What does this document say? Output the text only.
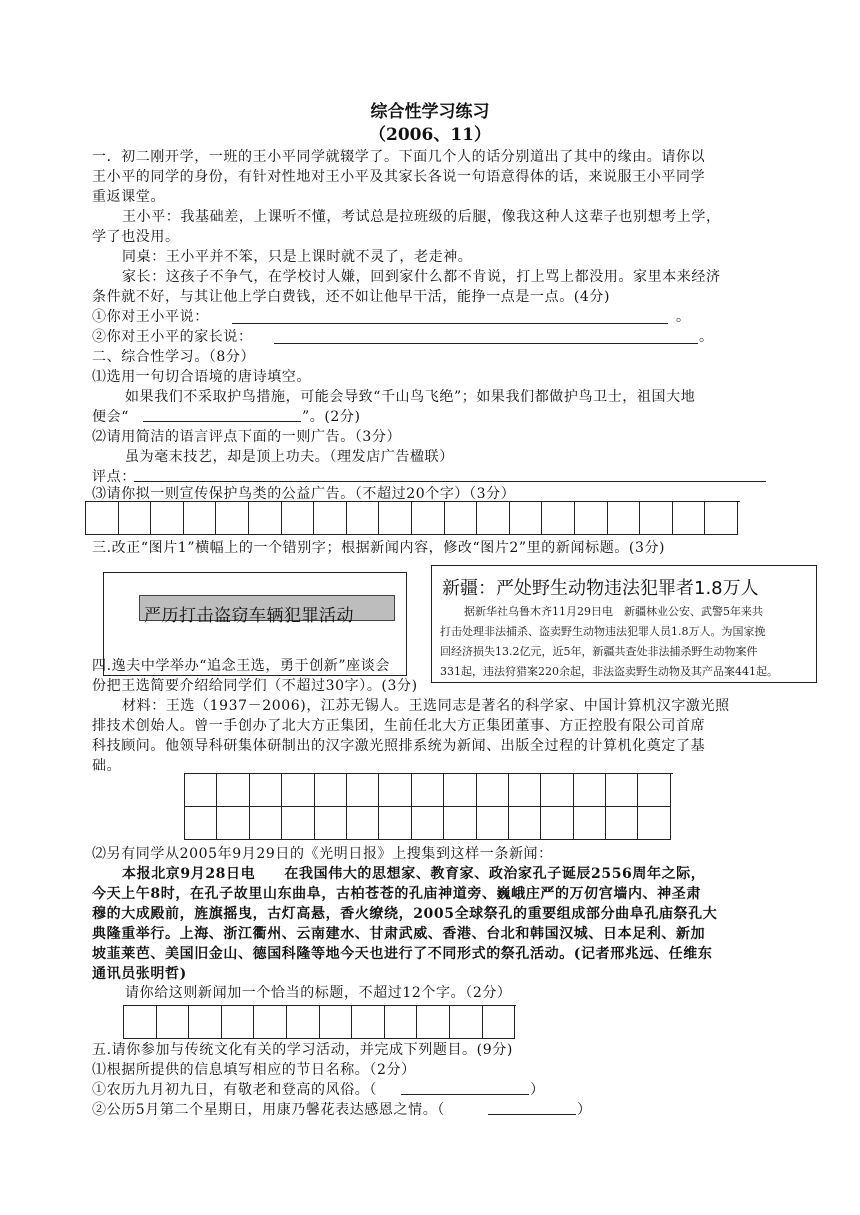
综合性学习练习
（2006、11）
一．初二刚开学，一班的王小平同学就辍学了。下面几个人的话分别道出了其中的缘由。请你以
王小平的同学的身份，有针对性地对王小平及其家长各说一句语意得体的话，来说服王小平同学
重返课堂。
王小平：我基础差，上课听不懂，考试总是拉班级的后腿，像我这种人这辈子也别想考上学，
学了也没用。
同桌：王小平并不笨，只是上课时就不灵了，老走神。
家长：这孩子不争气，在学校讨人嫌，回到家什么都不肯说，打上骂上都没用。家里本来经济
条件就不好，与其让他上学白费钱，还不如让他早干活，能挣一点是一点。(4分)
①你对王小平说：	。
②你对王小平的家长说：	。
二、综合性学习。（8分）
⑴选用一句切合语境的唐诗填空。
如果我们不采取护鸟措施，可能会导致“千山鸟飞绝”；如果我们都做护鸟卫士，祖国大地
便会“	”。(2分)
⑵请用简洁的语言评点下面的一则广告。（3分）
虽为毫末技艺，却是顶上功夫。（理发店广告楹联）
评点：
⑶请你拟一则宣传保护鸟类的公益广告。（不超过20个字）（3分）
三.改正“图片1”横幅上的一个错别字；根据新闻内容，修改“图片2”里的新闻标题。(3分)
严历打击盗窃车辆犯罪活动
新疆：严处野生动物违法犯罪者1.8万人
据新华社乌鲁木齐11月29日电　新疆林业公安、武警5年来共
打击处理非法捕杀、盗卖野生动物违法犯罪人员1.8万人。为国家挽
回经济损失13.2亿元，近5年，新疆共查处非法捕杀野生动物案件
331起，违法狩猎案220余起，非法盗卖野生动物及其产品案441起。
四.逸夫中学举办“追念王选，勇于创新”座谈会
份把王选简要介绍给同学们（不超过30字）。(3分)
材料：王选（1937－2006)，江苏无锡人。王选同志是著名的科学家、中国计算机汉字激光照
排技术创始人。曾一手创办了北大方正集团，生前任北大方正集团董事、方正控股有限公司首席
科技顾问。他领导科研集体研制出的汉字激光照排系统为新闻、出版全过程的计算机化奠定了基
础。
⑵另有同学从2005年9月29日的《光明日报》上搜集到这样一条新闻：
本报北京9月28日电　　在我国伟大的思想家、教育家、政治家孔子诞辰2556周年之际，
今天上午8时，在孔子故里山东曲阜，古柏苍苍的孔庙神道旁、巍峨庄严的万仞宫墙内、神圣肃
穆的大成殿前，旌旗摇曳，古灯高悬，香火缭绕，2005全球祭孔的重要组成部分曲阜孔庙祭孔大
典隆重举行。上海、浙江衢州、云南建水、甘肃武威、香港、台北和韩国汉城、日本足利、新加
坡韮莱芭、美国旧金山、德国科隆等地今天也进行了不同形式的祭孔活动。(记者邢兆远、任维东
通讯员张明哲)
请你给这则新闻加一个恰当的标题，不超过12个字。（2分）
五.请你参加与传统文化有关的学习活动，并完成下列题目。(9分)
⑴根据所提供的信息填写相应的节日名称。（2分）
①农历九月初九日，有敬老和登高的风俗。（	）
②公历5月第二个星期日，用康乃馨花表达感恩之情。（	）
